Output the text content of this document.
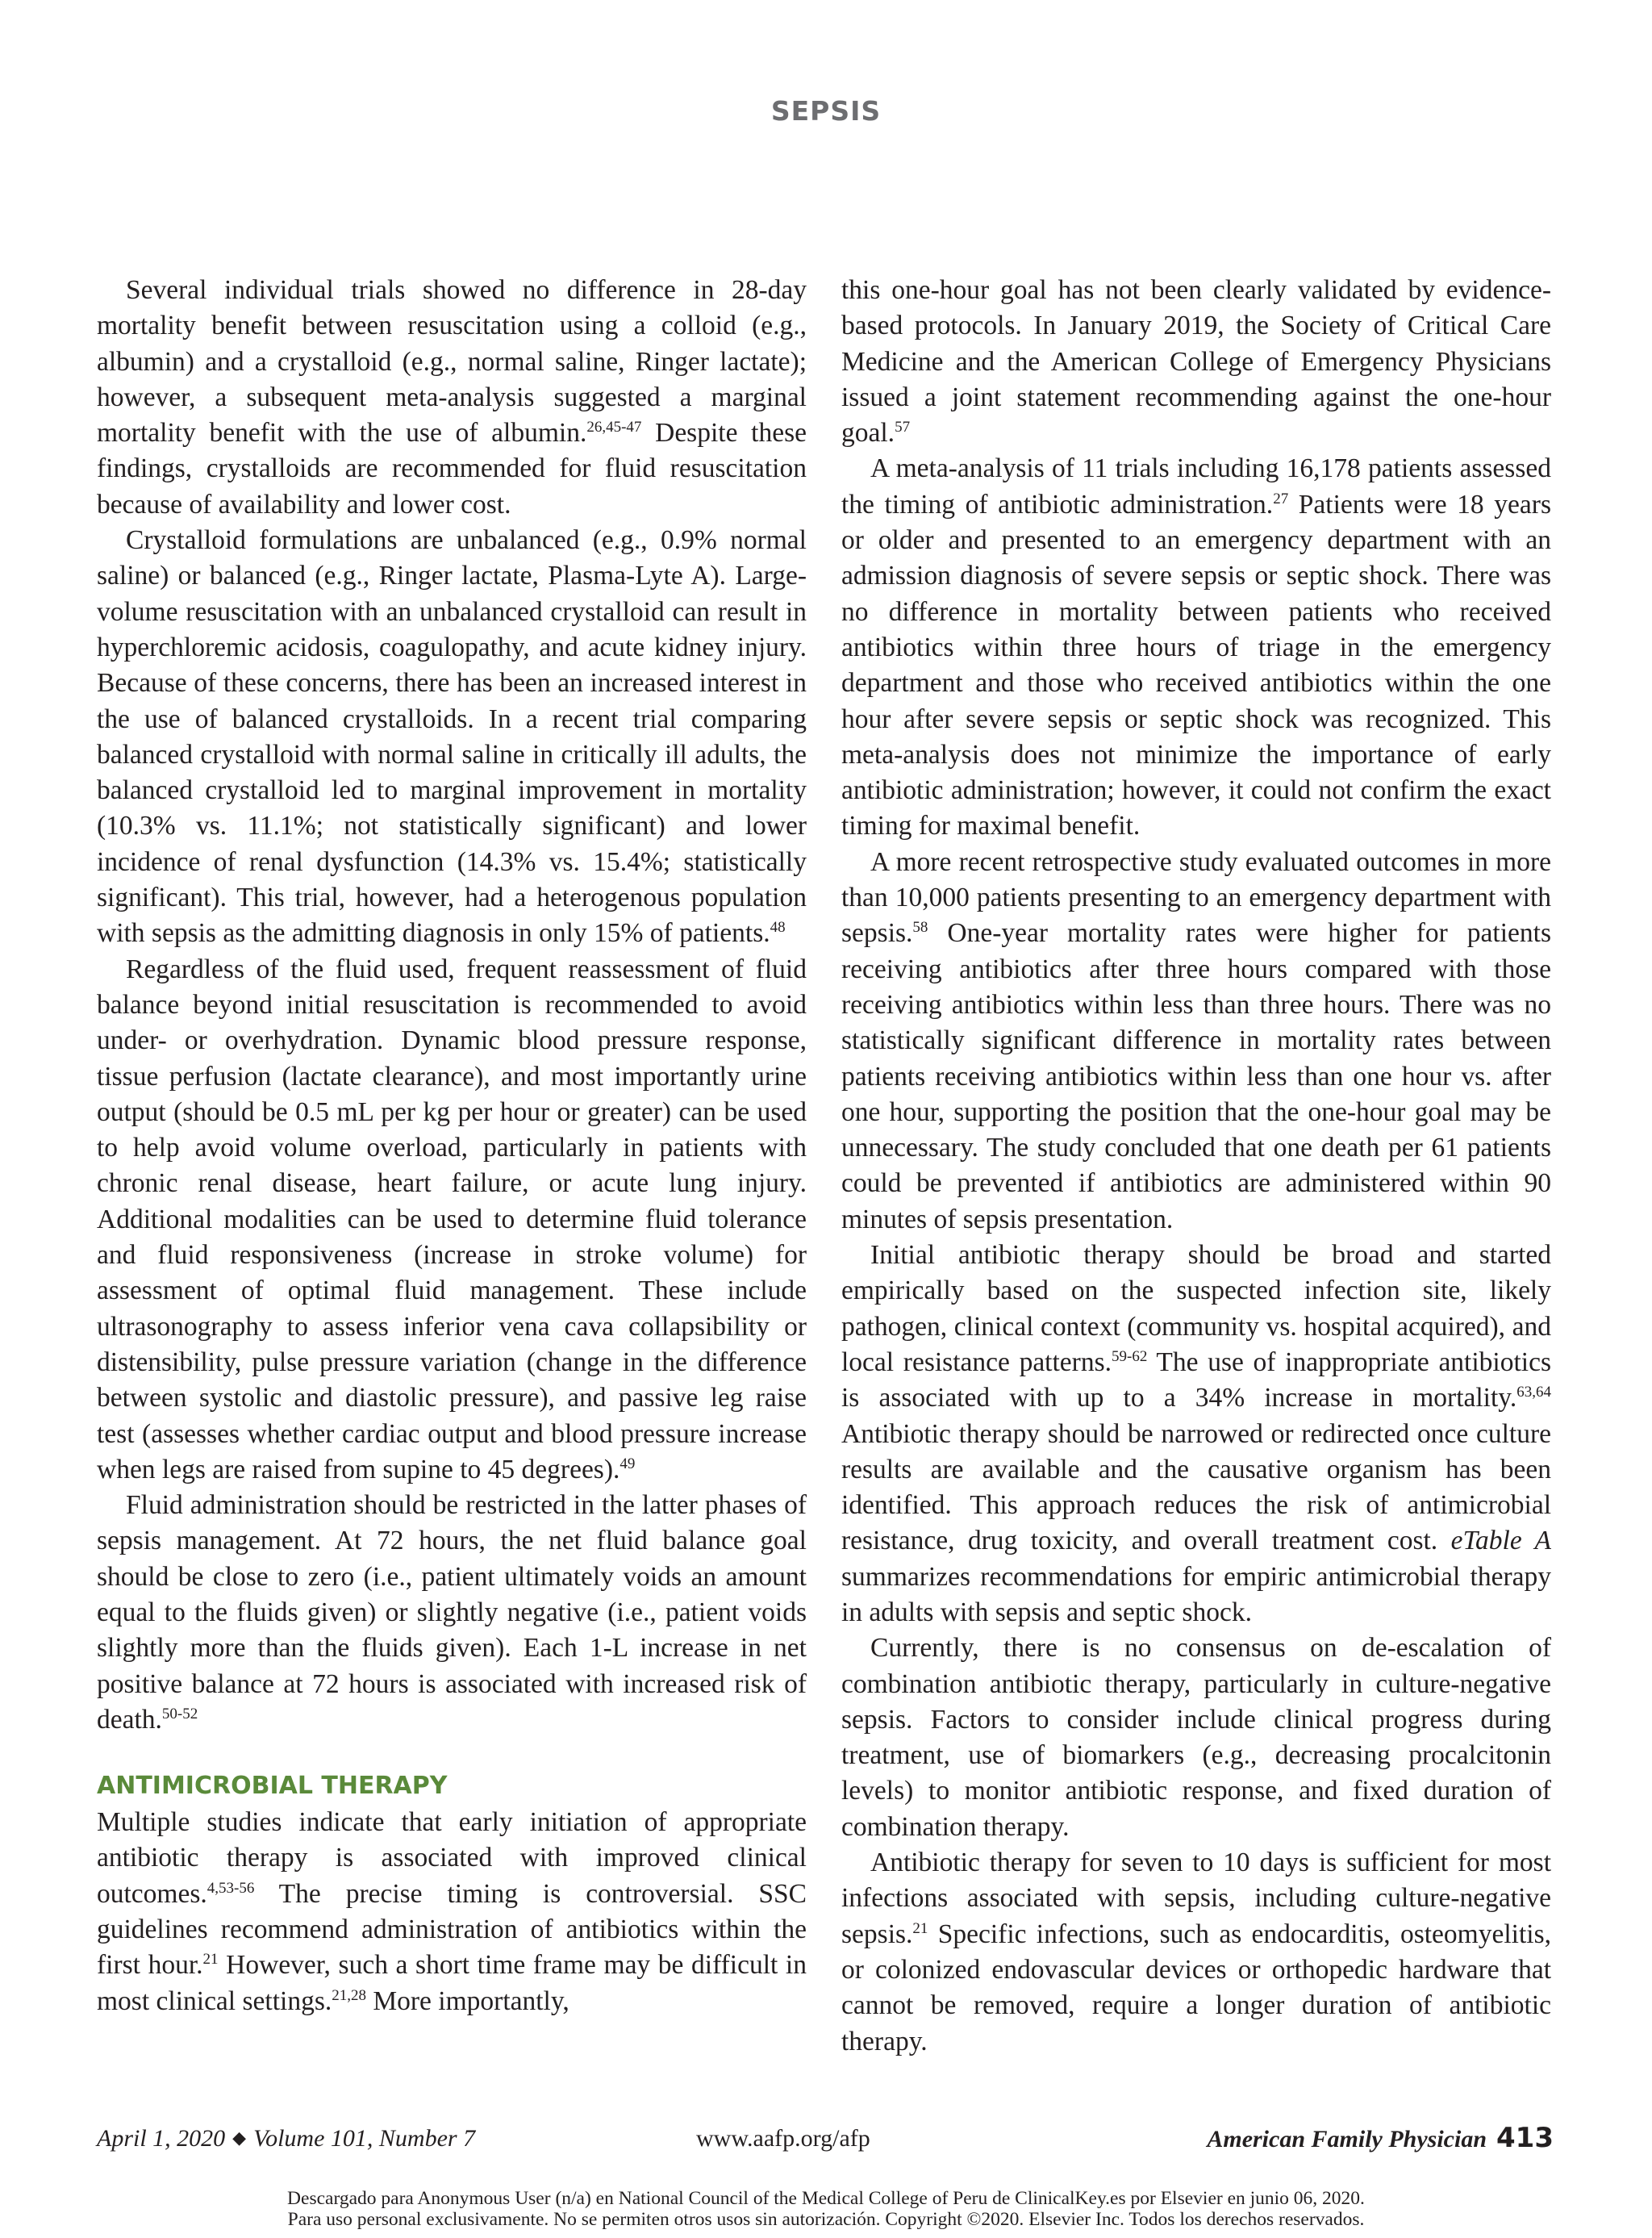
SEPSIS

Several individual trials showed no difference in 28-day mortality benefit between resuscitation using a colloid (e.g., albumin) and a crystalloid (e.g., normal saline, Ringer lactate); however, a subsequent meta-analysis suggested a marginal mortality benefit with the use of albumin.$^{26,45-47}$ Despite these findings, crystalloids are recommended for fluid resuscitation because of availability and lower cost.

Crystalloid formulations are unbalanced (e.g., 0.9% normal saline) or balanced (e.g., Ringer lactate, Plasma-Lyte A). Large-volume resuscitation with an unbalanced crystalloid can result in hyperchloremic acidosis, coagulopathy, and acute kidney injury. Because of these concerns, there has been an increased interest in the use of balanced crystalloids. In a recent trial comparing balanced crystalloid with normal saline in critically ill adults, the balanced crystalloid led to marginal improvement in mortality (10.3% vs. 11.1%; not statistically significant) and lower incidence of renal dysfunction (14.3% vs. 15.4%; statistically significant). This trial, however, had a heterogenous population with sepsis as the admitting diagnosis in only 15% of patients.$^{48}$

Regardless of the fluid used, frequent reassessment of fluid balance beyond initial resuscitation is recommended to avoid under- or overhydration. Dynamic blood pressure response, tissue perfusion (lactate clearance), and most importantly urine output (should be 0.5 mL per kg per hour or greater) can be used to help avoid volume overload, particularly in patients with chronic renal disease, heart failure, or acute lung injury. Additional modalities can be used to determine fluid tolerance and fluid responsiveness (increase in stroke volume) for assessment of optimal fluid management. These include ultrasonography to assess inferior vena cava collapsibility or distensibility, pulse pressure variation (change in the difference between systolic and diastolic pressure), and passive leg raise test (assesses whether cardiac output and blood pressure increase when legs are raised from supine to 45 degrees).$^{49}$

Fluid administration should be restricted in the latter phases of sepsis management. At 72 hours, the net fluid balance goal should be close to zero (i.e., patient ultimately voids an amount equal to the fluids given) or slightly negative (i.e., patient voids slightly more than the fluids given). Each 1-L increase in net positive balance at 72 hours is associated with increased risk of death.$^{50-52}$

ANTIMICROBIAL THERAPY

Multiple studies indicate that early initiation of appropriate antibiotic therapy is associated with improved clinical outcomes.$^{4,53-56}$ The precise timing is controversial. SSC guidelines recommend administration of antibiotics within the first hour.$^{21}$ However, such a short time frame may be difficult in most clinical settings.$^{21,28}$ More importantly,

this one-hour goal has not been clearly validated by evidence-based protocols. In January 2019, the Society of Critical Care Medicine and the American College of Emergency Physicians issued a joint statement recommending against the one-hour goal.$^{57}$

A meta-analysis of 11 trials including 16,178 patients assessed the timing of antibiotic administration.$^{27}$ Patients were 18 years or older and presented to an emergency department with an admission diagnosis of severe sepsis or septic shock. There was no difference in mortality between patients who received antibiotics within three hours of triage in the emergency department and those who received antibiotics within the one hour after severe sepsis or septic shock was recognized. This meta-analysis does not minimize the importance of early antibiotic administration; however, it could not confirm the exact timing for maximal benefit.

A more recent retrospective study evaluated outcomes in more than 10,000 patients presenting to an emergency department with sepsis.$^{58}$ One-year mortality rates were higher for patients receiving antibiotics after three hours compared with those receiving antibiotics within less than three hours. There was no statistically significant difference in mortality rates between patients receiving antibiotics within less than one hour vs. after one hour, supporting the position that the one-hour goal may be unnecessary. The study concluded that one death per 61 patients could be prevented if antibiotics are administered within 90 minutes of sepsis presentation.

Initial antibiotic therapy should be broad and started empirically based on the suspected infection site, likely pathogen, clinical context (community vs. hospital acquired), and local resistance patterns.$^{59-62}$ The use of inappropriate antibiotics is associated with up to a 34% increase in mortality.$^{63,64}$ Antibiotic therapy should be narrowed or redirected once culture results are available and the causative organism has been identified. This approach reduces the risk of antimicrobial resistance, drug toxicity, and overall treatment cost. eTable A summarizes recommendations for empiric antimicrobial therapy in adults with sepsis and septic shock.

Currently, there is no consensus on de-escalation of combination antibiotic therapy, particularly in culture-negative sepsis. Factors to consider include clinical progress during treatment, use of biomarkers (e.g., decreasing procalcitonin levels) to monitor antibiotic response, and fixed duration of combination therapy.

Antibiotic therapy for seven to 10 days is sufficient for most infections associated with sepsis, including culture-negative sepsis.$^{21}$ Specific infections, such as endocarditis, osteomyelitis, or colonized endovascular devices or orthopedic hardware that cannot be removed, require a longer duration of antibiotic therapy.

April 1, 2020 ◆ Volume 101, Number 7	www.aafp.org/afp	American Family Physician 413
Descargado para Anonymous User (n/a) en National Council of the Medical College of Peru de ClinicalKey.es por Elsevier en junio 06, 2020.
Para uso personal exclusivamente. No se permiten otros usos sin autorización. Copyright ©2020. Elsevier Inc. Todos los derechos reservados.
